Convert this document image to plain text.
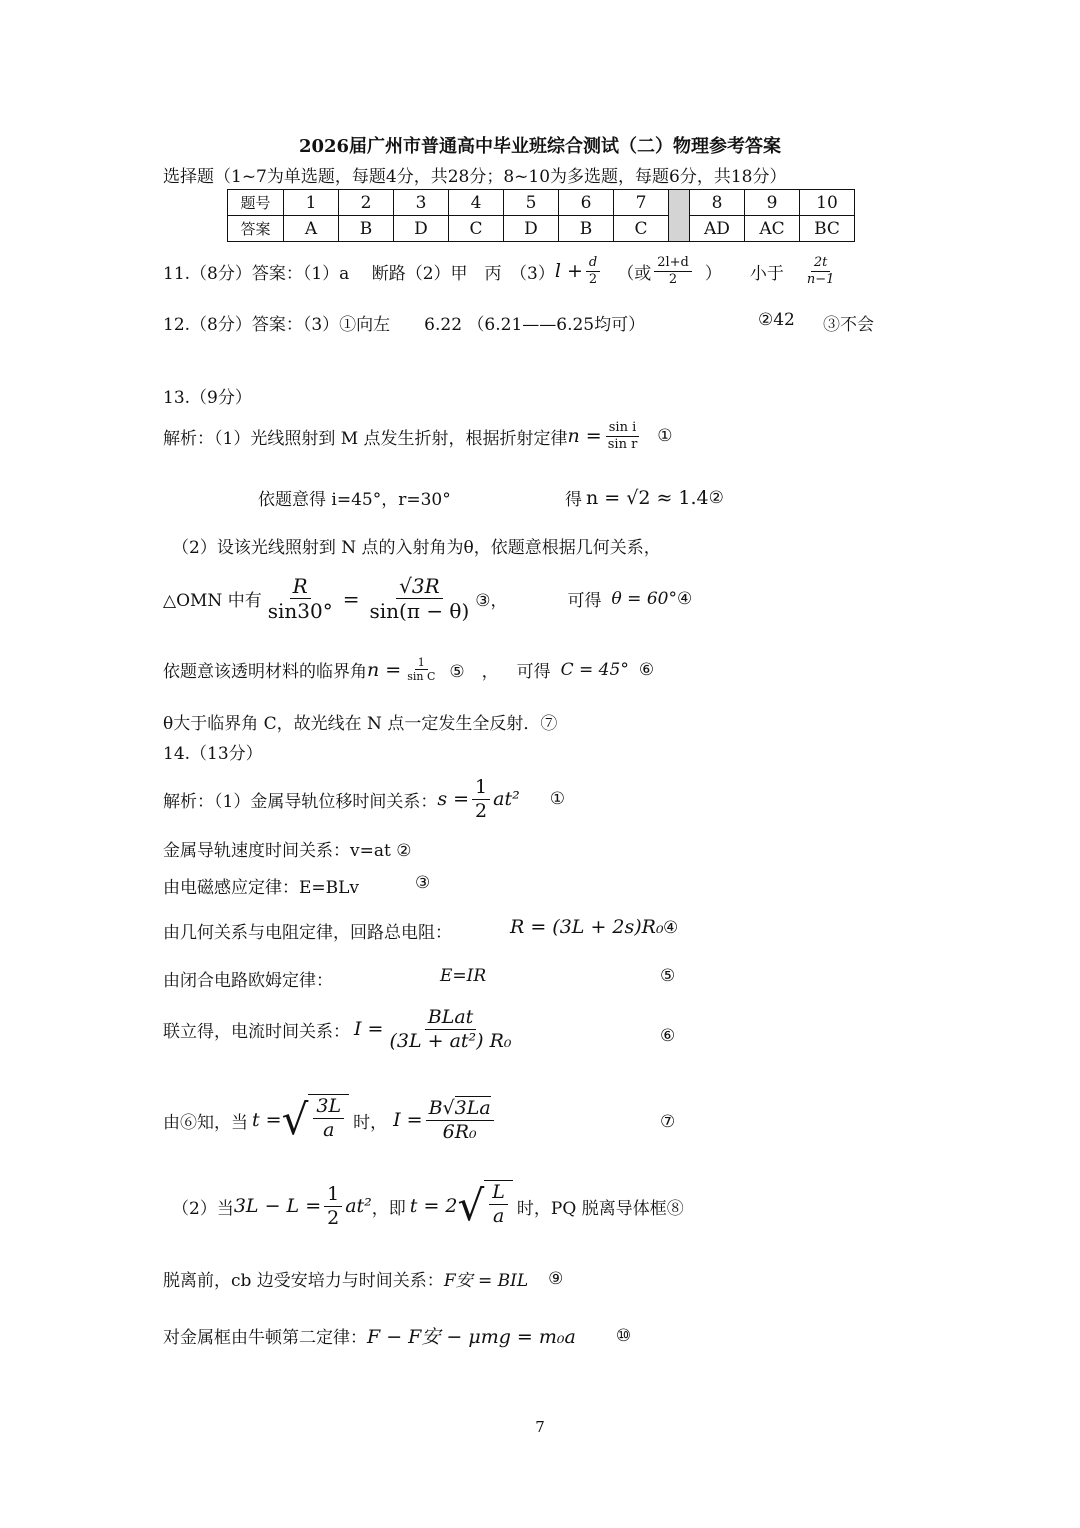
2026届广州市普通高中毕业班综合测试（二）物理参考答案
选择题（1~7为单选题，每题4分，共28分；8~10为多选题，每题6分，共18分）
题号	1	2	3	4	5	6	7		8	9	10
答案	A	B	D	C	D	B	C		AD	AC	BC
11.（8分）答案：（1）a　 断路（2）甲　丙　（3） $l + \frac{d}{2}$ （或 $\frac{2l+d}{2}$ ） 小于 $\frac{2t}{n-1}$
12.（8分）答案：（3）①向左　　6.22 （6.21——6.25均可）	②42 ③不会
13.（9分）
解析：（1）光线照射到 M 点发生折射，根据折射定律 $n = \frac{\text{sin i}}{\text{sin r}}$ ①
依题意得 i=45°，r=30°	得 n = √2 ≈ 1.4 ②
（2）设该光线照射到 N 点的入射角为θ，依题意根据几何关系，
△OMN 中有 $\frac{R}{\sin 30^\circ} = \frac{√3R}{\sin(\pi - \theta)}$ ③，	可得 θ = 60° ④
依题意该透明材料的临界角 $n = \frac{1}{\text{sin C}}$ ⑤　， 可得 C = 45° ⑥
θ大于临界角 C，故光线在 N 点一定发生全反射．⑦
14.（13分）
解析：（1）金属导轨位移时间关系： $s = \frac{1}{2} at^2$ ①
金属导轨速度时间关系：v=at ②
由电磁感应定律：E=BLv	③
由几何关系与电阻定律，回路总电阻：	R = (3L + 2s)R₀ ④
由闭合电路欧姆定律：	E=IR	⑤
联立得，电流时间关系： $I = \frac{\text{BLat}}{\text{(3L + at²) R₀}}$	⑥
由⑥知，当 t = √ $\frac{3L}{a}$ 时， $I = \frac{B√3La}{\text{6R₀}}$	⑦
（2）当 $3L - L = \frac{1}{2} at^2$ ，即 t = 2 √ $\frac{L}{a}$ 时，PQ 脱离导体框⑧
脱离前，cb 边受安培力与时间关系： F安 = BIL ⑨
对金属框由牛顿第二定律： F − F安 − μmg = m₀a ⑩
7
